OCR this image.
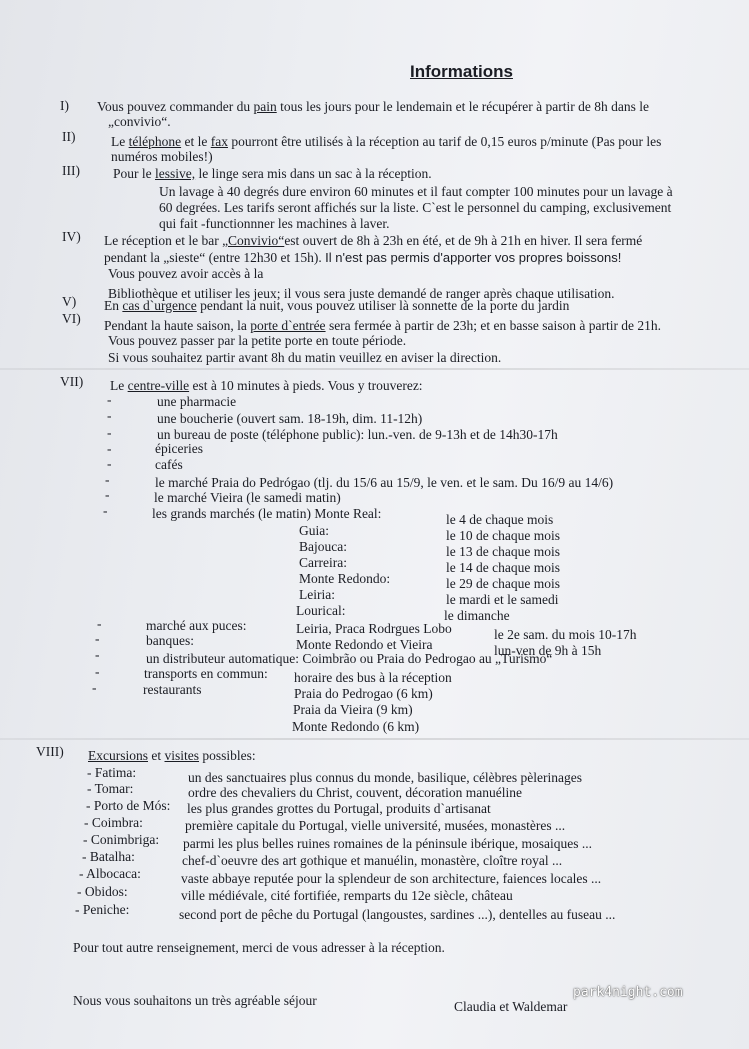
Informations
I) Vous pouvez commander du pain tous les jours pour le lendemain et le récupérer à partir de 8h dans le
„convivio“.
II)	Le téléphone et le fax pourront être utilisés à la réception au tarif de 0,15 euros p/minute (Pas pour les
numéros mobiles!)
III) Pour le lessive, le linge sera mis dans un sac à la réception.
Un lavage à 40 degrés dure environ 60 minutes et il faut compter 100 minutes pour un lavage à
60 degrées. Les tarifs seront affichés sur la liste. C`est le personnel du camping, exclusivement
qui fait -functionnner les machines à laver.
IV) Le réception et le bar „Convivio“est ouvert de 8h à 23h en été, et de 9h à 21h en hiver. Il sera fermé
pendant la „sieste“ (entre 12h30 et 15h). Il n'est pas permis d'apporter vos propres boissons!
Vous pouvez avoir accès à la
Bibliothèque et utiliser les jeux; il vous sera juste demandé de ranger après chaque utilisation.
V) En cas d`urgence pendant la nuit, vous pouvez utiliser là sonnette de la porte du jardin
VI) Pendant la haute saison, la porte d`entrée sera fermée à partir de 23h; et en basse saison à partir de 21h.
Vous pouvez passer par la petite porte en toute période.
Si vous souhaitez partir avant 8h du matin veuillez en aviser la direction.
VII) Le centre-ville est à 10 minutes à pieds. Vous y trouverez:
-	une pharmacie
-	une boucherie (ouvert sam. 18-19h, dim. 11-12h)
-	un bureau de poste (téléphone public): lun.-ven. de 9-13h et de 14h30-17h
-	épiceries
-	cafés
-	le marché Praia do Pedrógao (tlj. du 15/6 au 15/9, le ven. et le sam. Du 16/9 au 14/6)
-	le marché Vieira (le samedi matin)
-	les grands marchés (le matin) Monte Real:	le 4 de chaque mois
Guia:	le 10 de chaque mois
Bajouca:	le 13 de chaque mois
Carreira:	le 14 de chaque mois
Monte Redondo:	le 29 de chaque mois
Leiria:	le mardi et le samedi
Lourical:	le dimanche
-	marché aux puces:	Leiria, Praca Rodrgues Lobo	le 2e sam. du mois 10-17h
-	banques:	Monte Redondo et Vieira	lun-ven de 9h à 15h
-	un distributeur automatique: Coimbrão ou Praia do Pedrogao au „Turismo“
-	transports en commun: horaire des bus à la réception
-	restaurants	Praia do Pedrogao (6 km)
Praia da Vieira (9 km)
Monte Redondo (6 km)
VIII) Excursions et visites possibles:
- Fatima:	un des sanctuaires plus connus du monde, basilique, célèbres pèlerinages
- Tomar:	ordre des chevaliers du Christ, couvent, décoration manuéline
- Porto de Mós: les plus grandes grottes du Portugal, produits d`artisanat
- Coimbra:	première capitale du Portugal, vielle université, musées, monastères ...
- Conimbriga: parmi les plus belles ruines romaines de la péninsule ibérique, mosaiques ...
- Batalha:	chef-d`oeuvre des art gothique et manuélin, monastère, cloître royal ...
- Albocaca:	vaste abbaye reputée pour la splendeur de son architecture, faiences locales ...
- Obidos:	ville médiévale, cité fortifiée, remparts du 12e siècle, château
- Peniche:	second port de pêche du Portugal (langoustes, sardines ...), dentelles au fuseau ...
Pour tout autre renseignement, merci de vous adresser à la réception.
Nous vous souhaitons un très agréable séjour	Claudia et Waldemar
park4night.com
